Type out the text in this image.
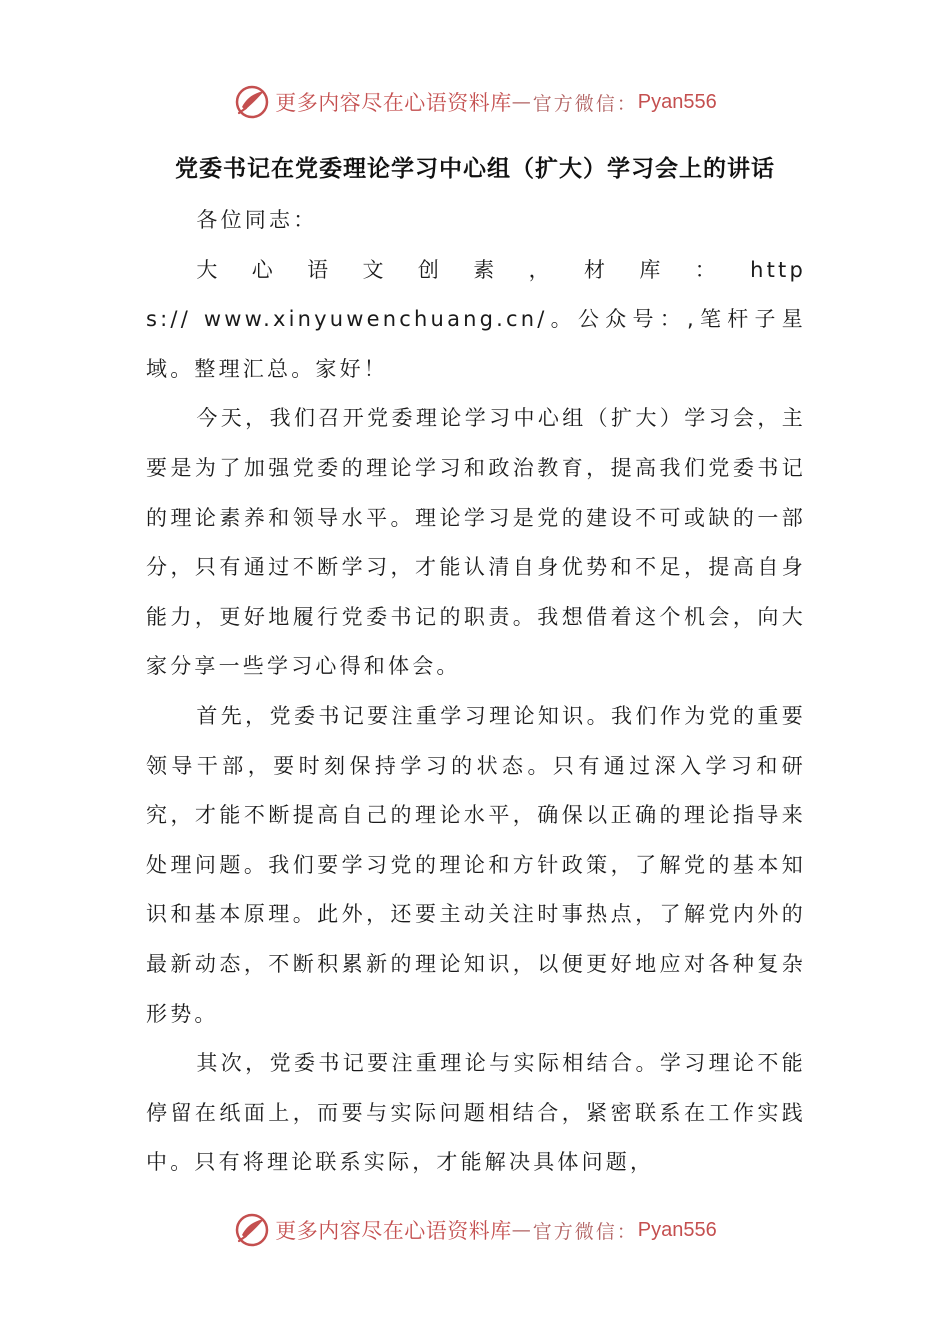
更多内容尽在心语资料库 — 官方微信： Pyan556
党委书记在党委理论学习中心组（扩大）学习会上的讲话

各位同志：

大心语文创素，材库：https:// www.xinyuwenchuang.cn/。公众号：,笔杆子星域。整理汇总。家好！

今天，我们召开党委理论学习中心组（扩大）学习会，主要是为了加强党委的理论学习和政治教育，提高我们党委书记的理论素养和领导水平。理论学习是党的建设不可或缺的一部分，只有通过不断学习，才能认清自身优势和不足，提高自身能力，更好地履行党委书记的职责。我想借着这个机会，向大家分享一些学习心得和体会。

首先，党委书记要注重学习理论知识。我们作为党的重要领导干部，要时刻保持学习的状态。只有通过深入学习和研究，才能不断提高自己的理论水平，确保以正确的理论指导来处理问题。我们要学习党的理论和方针政策，了解党的基本知识和基本原理。此外，还要主动关注时事热点，了解党内外的最新动态，不断积累新的理论知识，以便更好地应对各种复杂形势。

其次，党委书记要注重理论与实际相结合。学习理论不能停留在纸面上，而要与实际问题相结合，紧密联系在工作实践中。只有将理论联系实际，才能解决具体问题，

更多内容尽在心语资料库 — 官方微信： Pyan556
